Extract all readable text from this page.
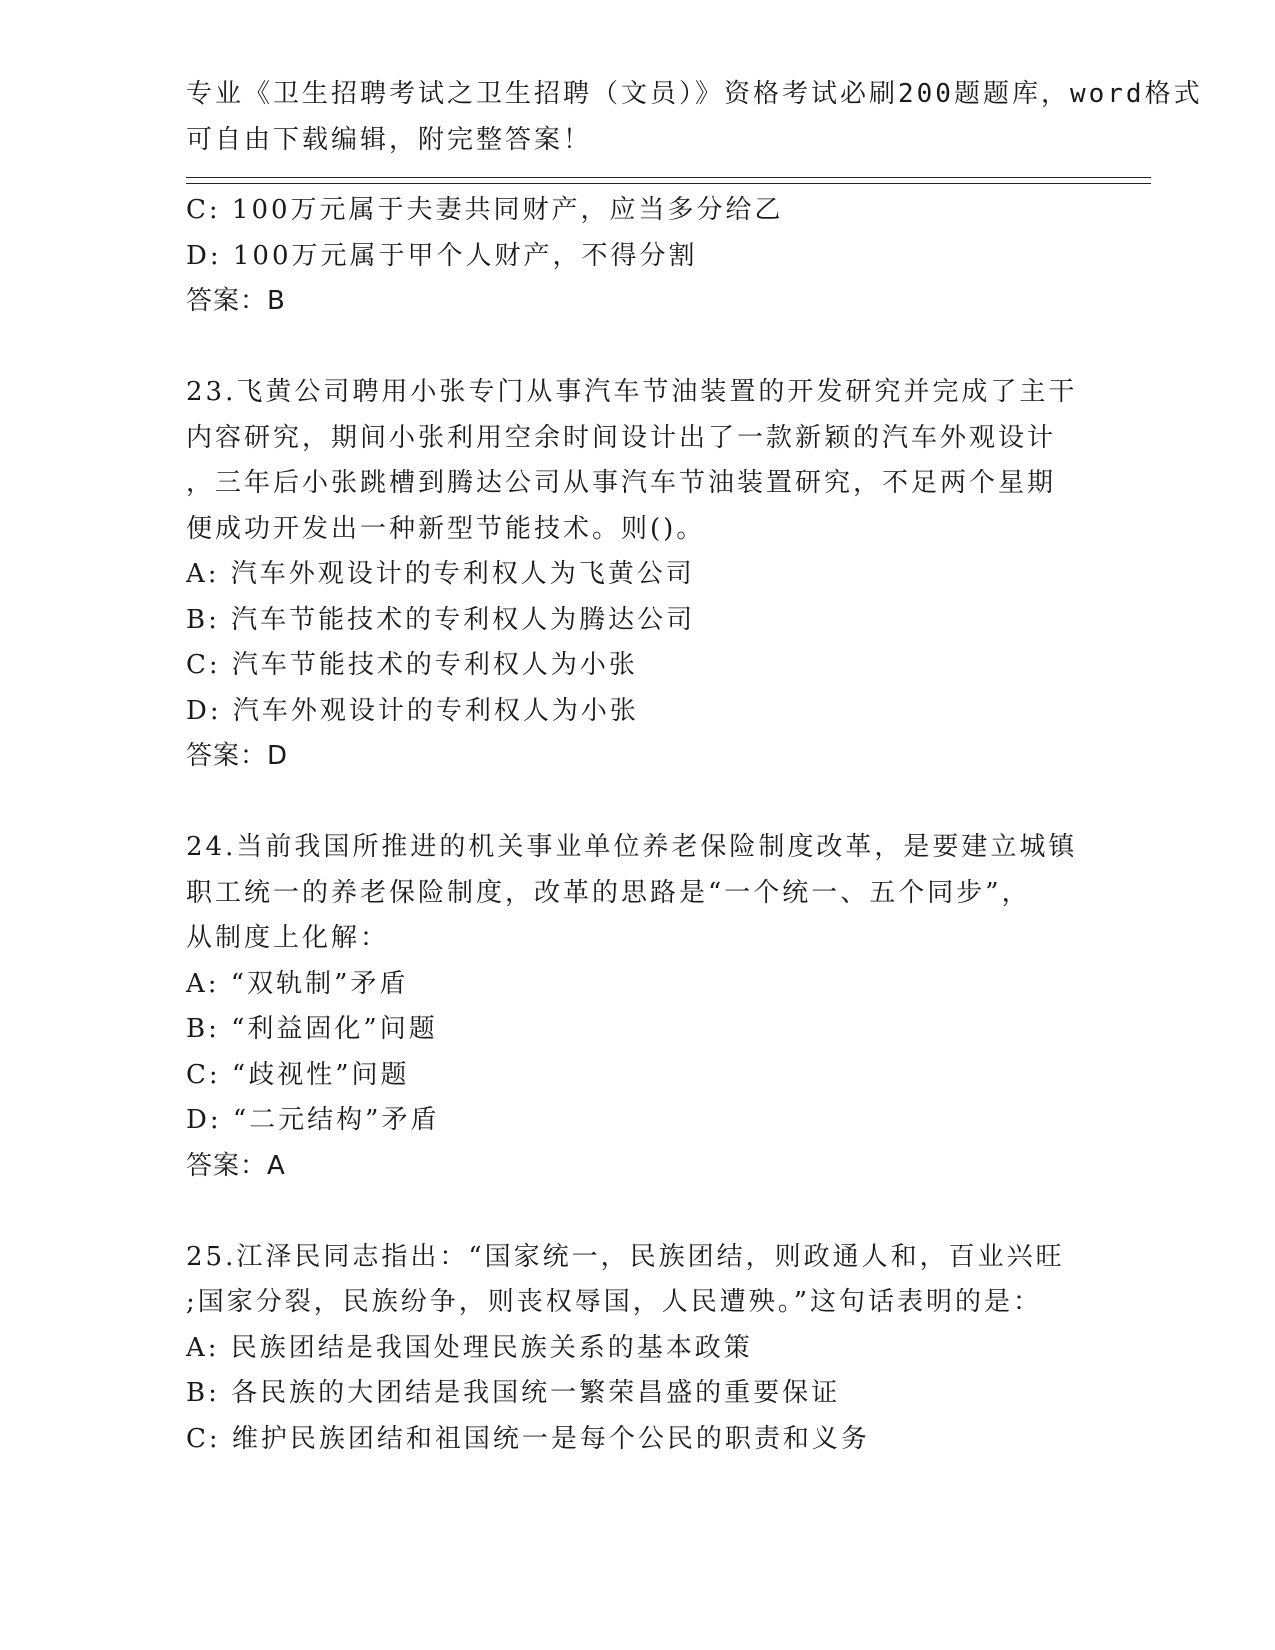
专业《卫生招聘考试之卫生招聘（文员）》资格考试必刷200题题库，word格式
可自由下载编辑，附完整答案！
C: 100万元属于夫妻共同财产，应当多分给乙
D: 100万元属于甲个人财产，不得分割
答案：B
23.飞黄公司聘用小张专门从事汽车节油装置的开发研究并完成了主干
内容研究，期间小张利用空余时间设计出了一款新颖的汽车外观设计
，三年后小张跳槽到腾达公司从事汽车节油装置研究，不足两个星期
便成功开发出一种新型节能技术。则()。
A: 汽车外观设计的专利权人为飞黄公司
B: 汽车节能技术的专利权人为腾达公司
C: 汽车节能技术的专利权人为小张
D: 汽车外观设计的专利权人为小张
答案：D
24.当前我国所推进的机关事业单位养老保险制度改革，是要建立城镇
职工统一的养老保险制度，改革的思路是“一个统一、五个同步”，
从制度上化解：
A: “双轨制”矛盾
B: “利益固化”问题
C: “歧视性”问题
D: “二元结构”矛盾
答案：A
25.江泽民同志指出：“国家统一，民族团结，则政通人和，百业兴旺
;国家分裂，民族纷争，则丧权辱国，人民遭殃。”这句话表明的是：
A: 民族团结是我国处理民族关系的基本政策
B: 各民族的大团结是我国统一繁荣昌盛的重要保证
C: 维护民族团结和祖国统一是每个公民的职责和义务
